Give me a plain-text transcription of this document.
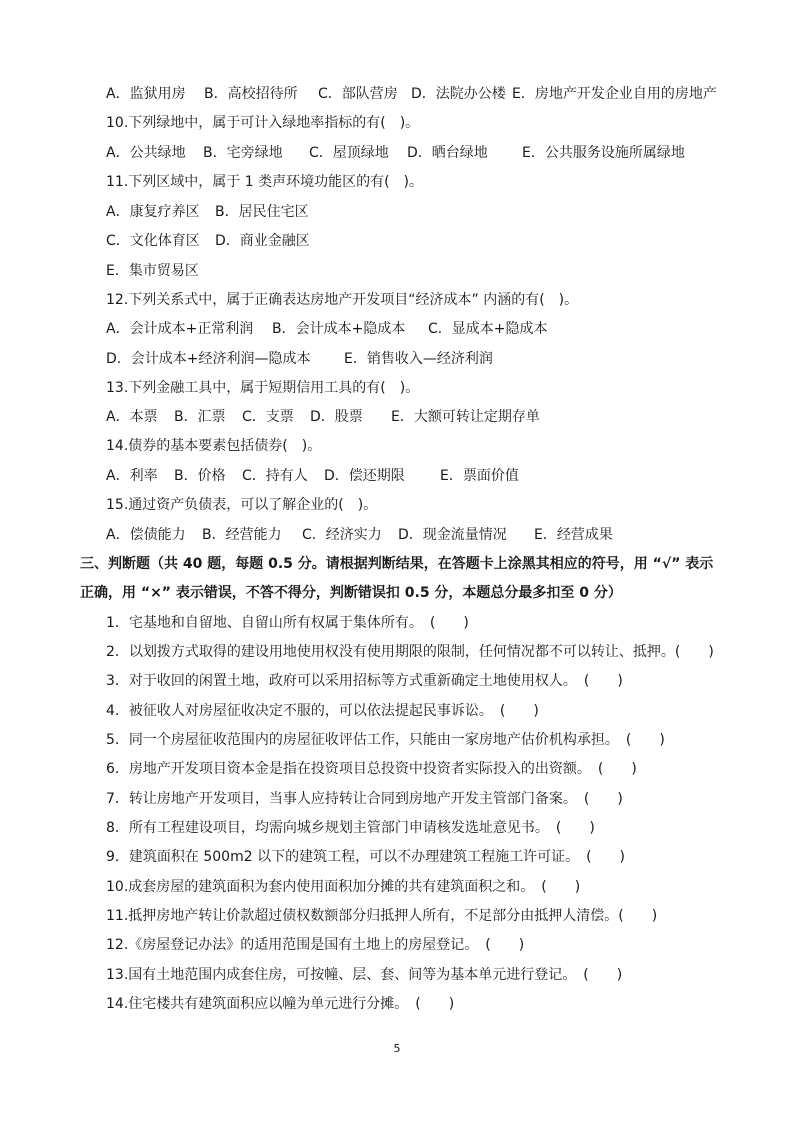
A．监狱用房 B．高校招待所 C．部队营房 D．法院办公楼 E．房地产开发企业自用的房地产
10.下列绿地中，属于可计入绿地率指标的有(　)。
A．公共绿地 B．宅旁绿地 C．屋顶绿地 D．晒台绿地 E．公共服务设施所属绿地
11.下列区域中，属于 1 类声环境功能区的有(　)。
A．康复疗养区 B．居民住宅区
C．文化体育区 D．商业金融区
E．集市贸易区
12.下列关系式中，属于正确表达房地产开发项目“经济成本” 内涵的有(　)。
A．会计成本+正常利润 B．会计成本+隐成本 C．显成本+隐成本
D．会计成本+经济利润—隐成本 E．销售收入—经济利润
13.下列金融工具中，属于短期信用工具的有(　)。
A．本票 B．汇票 C．支票 D．股票 E．大额可转让定期存单
14.债券的基本要素包括债券(　)。
A．利率 B．价格 C．持有人 D．偿还期限	E．票面价值
15.通过资产负债表，可以了解企业的(　)。
A．偿债能力 B．经营能力 C．经济实力 D．现金流量情况 E．经营成果
三、判断题（共 40 题，每题 0.5 分。请根据判断结果，在答题卡上涂黑其相应的符号，用 “√” 表示
正确，用 “×” 表示错误，不答不得分，判断错误扣 0.5 分，本题总分最多扣至 0 分）
1．宅基地和自留地、自留山所有权属于集体所有。　(　　)
2．以划拨方式取得的建设用地使用权没有使用期限的限制，任何情况都不可以转让、抵押。(　　)
3．对于收回的闲置土地，政府可以采用招标等方式重新确定土地使用权人。　(　　)
4．被征收人对房屋征收决定不服的，可以依法提起民事诉讼。　(　　)
5．同一个房屋征收范围内的房屋征收评估工作，只能由一家房地产估价机构承担。　(　　)
6．房地产开发项目资本金是指在投资项目总投资中投资者实际投入的出资额。　(　　)
7．转让房地产开发项目，当事人应持转让合同到房地产开发主管部门备案。　(　　)
8．所有工程建设项目，均需向城乡规划主管部门申请核发选址意见书。　(　　)
9．建筑面积在 500m2 以下的建筑工程，可以不办理建筑工程施工许可证。　(　　)
10.成套房屋的建筑面积为套内使用面积加分摊的共有建筑面积之和。　(　　)
11.抵押房地产转让价款超过债权数额部分归抵押人所有，不足部分由抵押人清偿。(　　)
12.《房屋登记办法》的适用范围是国有土地上的房屋登记。　(　　)
13.国有土地范围内成套住房，可按幢、层、套、间等为基本单元进行登记。　(　　)
14.住宅楼共有建筑面积应以幢为单元进行分摊。　(　　)
5
